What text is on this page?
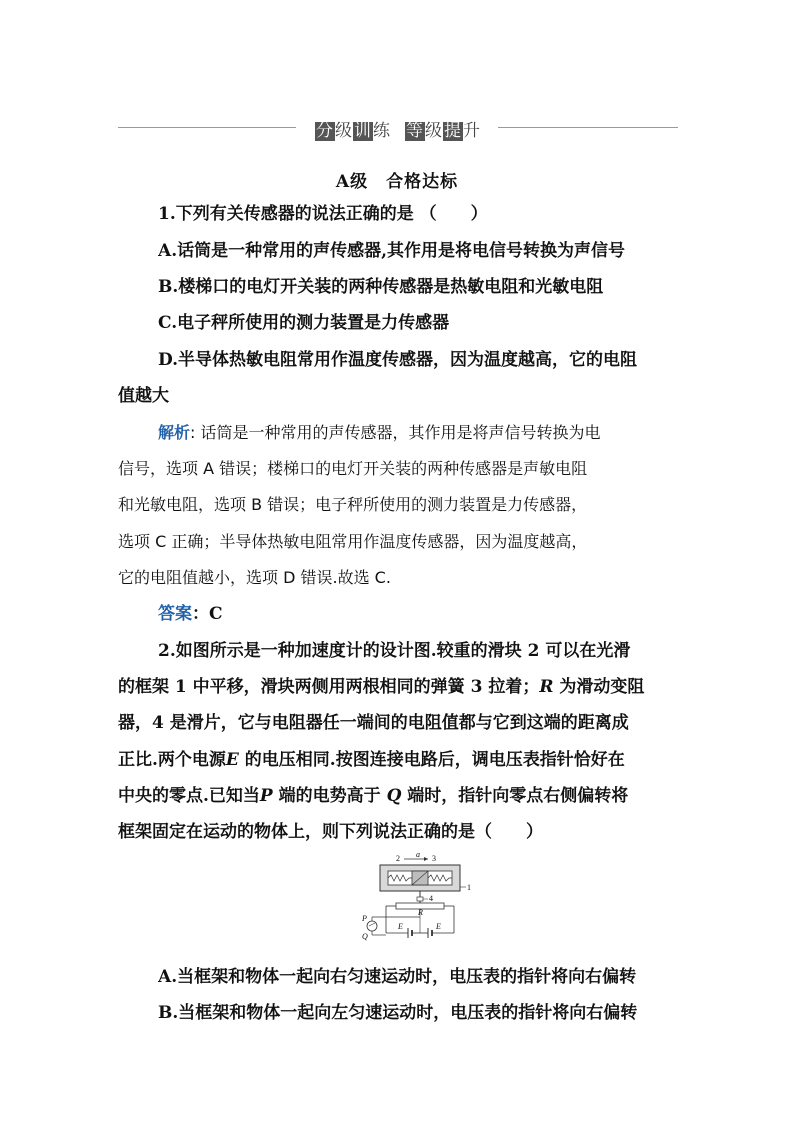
分级训练 等级提升
A级　合格达标
1.下列有关传感器的说法正确的是 （　　）
A.话筒是一种常用的声传感器,其作用是将电信号转换为声信号
B.楼梯口的电灯开关装的两种传感器是热敏电阻和光敏电阻
C.电子秤所使用的测力装置是力传感器
D.半导体热敏电阻常用作温度传感器，因为温度越高，它的电阻
值越大
解析: 话筒是一种常用的声传感器，其作用是将声信号转换为电
信号，选项 A 错误；楼梯口的电灯开关装的两种传感器是声敏电阻
和光敏电阻，选项 B 错误；电子秤所使用的测力装置是力传感器，
选项 C 正确；半导体热敏电阻常用作温度传感器，因为温度越高，
它的电阻值越小，选项 D 错误.故选 C.
答案：C
2.如图所示是一种加速度计的设计图.较重的滑块 2 可以在光滑
的框架 1 中平移，滑块两侧用两根相同的弹簧 3 拉着；R 为滑动变阻
器，4 是滑片，它与电阻器任一端间的电阻值都与它到这端的距离成
正比.两个电源E 的电压相同.按图连接电路后，调电压表指针恰好在
中央的零点.已知当P 端的电势高于 Q 端时，指针向零点右侧偏转将
框架固定在运动的物体上，则下列说法正确的是（　　）
2 a 3
1
4
R
P
Q
E	E
A.当框架和物体一起向右匀速运动时，电压表的指针将向右偏转
B.当框架和物体一起向左匀速运动时，电压表的指针将向右偏转
